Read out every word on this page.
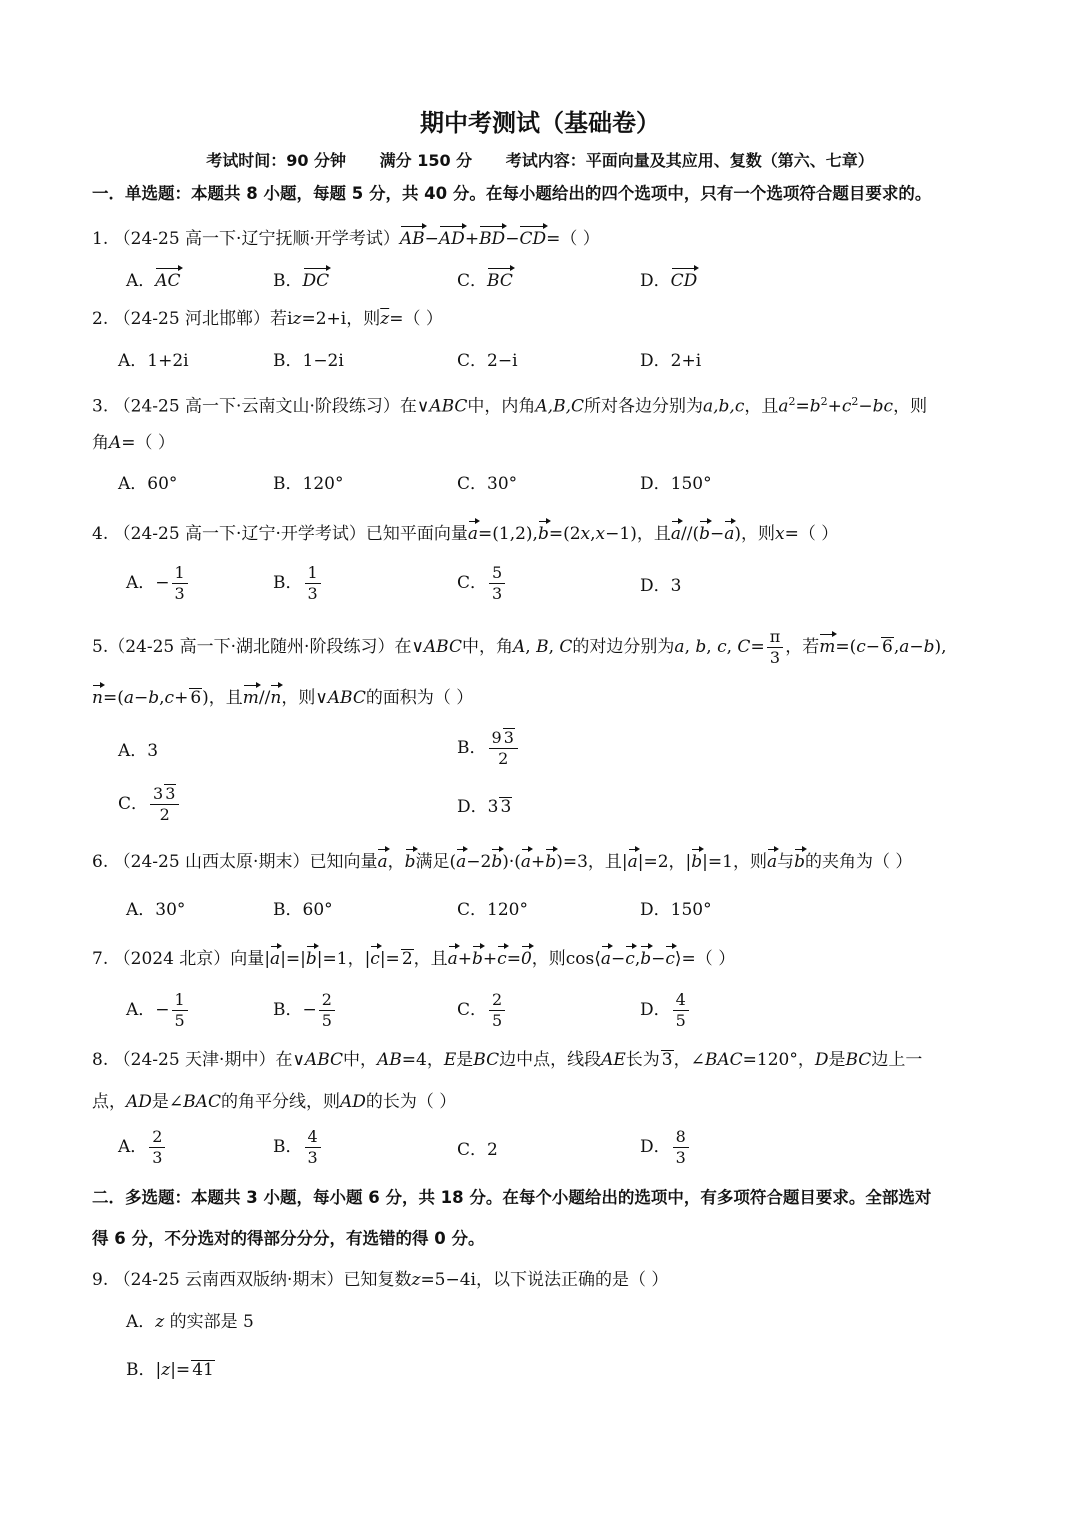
期中考测试（基础卷）
考试时间：90 分钟 满分 150 分 考试内容：平面向量及其应用、复数（第六、七章）
一．单选题：本题共 8 小题，每题 5 分，共 40 分。在每小题给出的四个选项中，只有一个选项符合题目要求的。
1. （24-25 高一下·辽宁抚顺·开学考试）AB−AD+BD−CD=（ ）
A．AC	B．DC	C．BC	D．CD
2. （24-25 河北邯郸）若iz=2+i，则$\overline{z}=$（ ）
A．1+2i	B．1−2i	C．2−i	D．2+i
3. （24-25 高一下·云南文山·阶段练习）在∨ABC中，内角A,B,C所对各边分别为a,b,c，且$a^2=b^2+c^2-bc$，则
角A=（ ）
A．60°	B．120°	C．30°	D．150°
4. （24-25 高一下·辽宁·开学考试）已知平面向量a=(1,2),b=(2x,x−1)，且a//(b−a)，则x=（ ）
A．− $\frac{1}{3}$	B． $\frac{1}{3}$	C． $\frac{5}{3}$	D．3
5.（24-25 高一下·湖北随州·阶段练习）在∨ABC中，角A, B, C的对边分别为a, b, c, $C= \frac{\pi}{3}$ ，若m=(c− 6,a−b),
n=(a−b,c+ 6)，且m//n，则∨ABC的面积为（ ）
A．3	B． $\frac{9 3}{2}$
C． $\frac{3 3}{2}$	D．3 3
6. （24-25 山西太原·期末）已知向量a，b满足(a−2b)·(a+b)=3，且|a|=2，|b|=1，则a与b的夹角为（ ）
A．30°	B．60°	C．120°	D．150°
7. （2024 北京）向量|a|=|b|=1，|c|= 2，且a+b+c=0，则cos⟨a−c,b−c⟩=（ ）
A．− $\frac{1}{5}$	B．− $\frac{2}{5}$	C． $\frac{2}{5}$	D． $\frac{4}{5}$
8. （24-25 天津·期中）在∨ABC中，AB=4，E是BC边中点，线段AE长为 3，∠BAC=120°，D是BC边上一
点，AD是∠BAC的角平分线，则AD的长为（ ）
A． $\frac{2}{3}$	B． $\frac{4}{3}$	C．2	D． $\frac{8}{3}$
二．多选题：本题共 3 小题，每小题 6 分，共 18 分。在每个小题给出的选项中，有多项符合题目要求。全部选对
得 6 分，不分选对的得部分分分，有选错的得 0 分。
9. （24-25 云南西双版纳·期末）已知复数z=5−4i，以下说法正确的是（ ）
A．z 的实部是 5
B．|z|= 41
